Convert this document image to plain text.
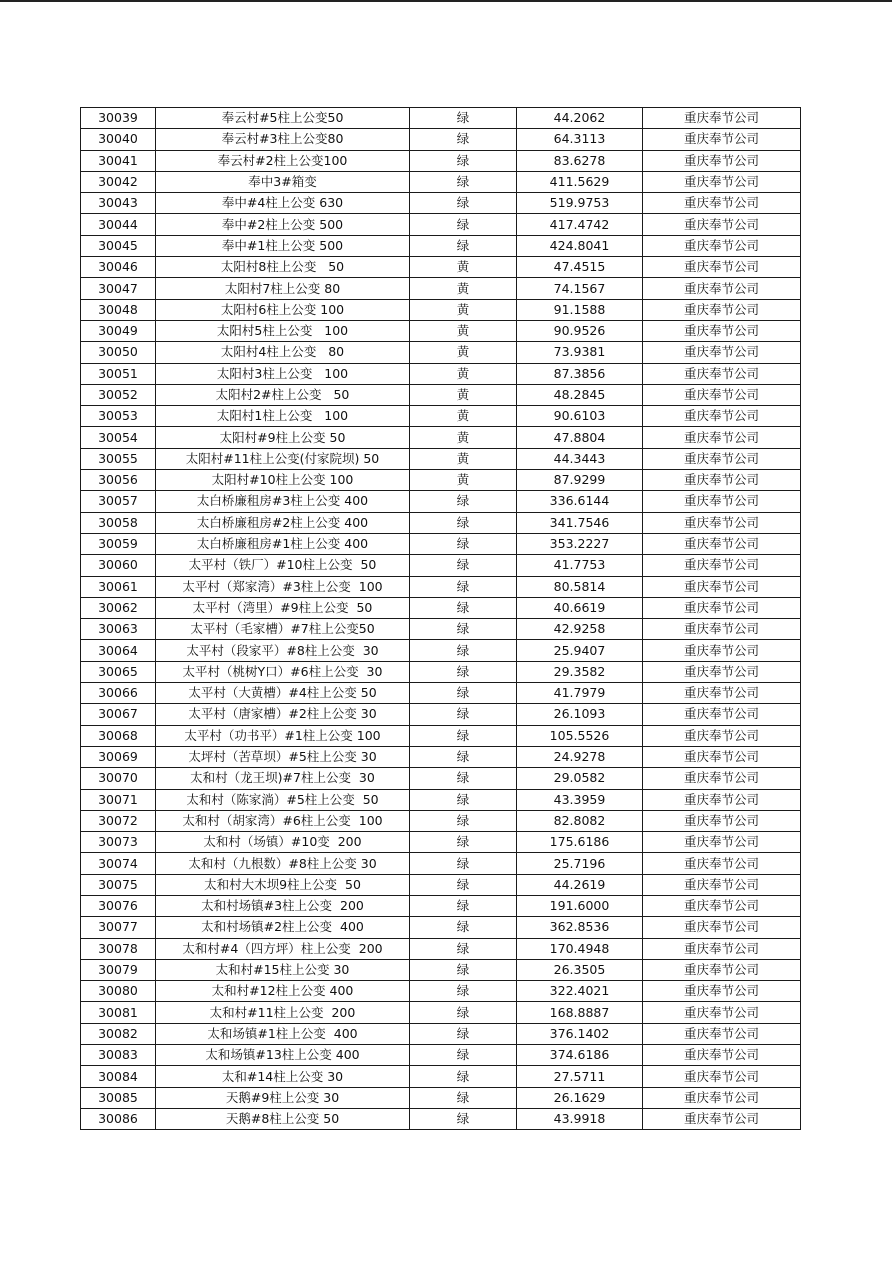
30039	奉云村#5柱上公变50	绿	44.2062	重庆奉节公司
30040	奉云村#3柱上公变80	绿	64.3113	重庆奉节公司
30041	奉云村#2柱上公变100	绿	83.6278	重庆奉节公司
30042	奉中3#箱变	绿	411.5629	重庆奉节公司
30043	奉中#4柱上公变 630	绿	519.9753	重庆奉节公司
30044	奉中#2柱上公变 500	绿	417.4742	重庆奉节公司
30045	奉中#1柱上公变 500	绿	424.8041	重庆奉节公司
30046	太阳村8柱上公变   50	黄	47.4515	重庆奉节公司
30047	太阳村7柱上公变 80	黄	74.1567	重庆奉节公司
30048	太阳村6柱上公变 100	黄	91.1588	重庆奉节公司
30049	太阳村5柱上公变   100	黄	90.9526	重庆奉节公司
30050	太阳村4柱上公变   80	黄	73.9381	重庆奉节公司
30051	太阳村3柱上公变   100	黄	87.3856	重庆奉节公司
30052	太阳村2#柱上公变   50	黄	48.2845	重庆奉节公司
30053	太阳村1柱上公变   100	黄	90.6103	重庆奉节公司
30054	太阳村#9柱上公变 50	黄	47.8804	重庆奉节公司
30055	太阳村#11柱上公变(付家院坝) 50	黄	44.3443	重庆奉节公司
30056	太阳村#10柱上公变 100	黄	87.9299	重庆奉节公司
30057	太白桥廉租房#3柱上公变 400	绿	336.6144	重庆奉节公司
30058	太白桥廉租房#2柱上公变 400	绿	341.7546	重庆奉节公司
30059	太白桥廉租房#1柱上公变 400	绿	353.2227	重庆奉节公司
30060	太平村（铁厂）#10柱上公变  50	绿	41.7753	重庆奉节公司
30061	太平村（郑家湾）#3柱上公变  100	绿	80.5814	重庆奉节公司
30062	太平村（湾里）#9柱上公变  50	绿	40.6619	重庆奉节公司
30063	太平村（毛家槽）#7柱上公变50	绿	42.9258	重庆奉节公司
30064	太平村（段家平）#8柱上公变  30	绿	25.9407	重庆奉节公司
30065	太平村（桃树Y口）#6柱上公变  30	绿	29.3582	重庆奉节公司
30066	太平村（大黄槽）#4柱上公变 50	绿	41.7979	重庆奉节公司
30067	太平村（唐家槽）#2柱上公变 30	绿	26.1093	重庆奉节公司
30068	太平村（功书平）#1柱上公变 100	绿	105.5526	重庆奉节公司
30069	太坪村（苦草坝）#5柱上公变 30	绿	24.9278	重庆奉节公司
30070	太和村（龙王坝)#7柱上公变  30	绿	29.0582	重庆奉节公司
30071	太和村（陈家淌）#5柱上公变  50	绿	43.3959	重庆奉节公司
30072	太和村（胡家湾）#6柱上公变  100	绿	82.8082	重庆奉节公司
30073	太和村（场镇）#10变  200	绿	175.6186	重庆奉节公司
30074	太和村（九根数）#8柱上公变 30	绿	25.7196	重庆奉节公司
30075	太和村大木坝9柱上公变  50	绿	44.2619	重庆奉节公司
30076	太和村场镇#3柱上公变  200	绿	191.6000	重庆奉节公司
30077	太和村场镇#2柱上公变  400	绿	362.8536	重庆奉节公司
30078	太和村#4（四方坪）柱上公变  200	绿	170.4948	重庆奉节公司
30079	太和村#15柱上公变 30	绿	26.3505	重庆奉节公司
30080	太和村#12柱上公变 400	绿	322.4021	重庆奉节公司
30081	太和村#11柱上公变  200	绿	168.8887	重庆奉节公司
30082	太和场镇#1柱上公变  400	绿	376.1402	重庆奉节公司
30083	太和场镇#13柱上公变 400	绿	374.6186	重庆奉节公司
30084	太和#14柱上公变 30	绿	27.5711	重庆奉节公司
30085	天鹅#9柱上公变 30	绿	26.1629	重庆奉节公司
30086	天鹅#8柱上公变 50	绿	43.9918	重庆奉节公司
